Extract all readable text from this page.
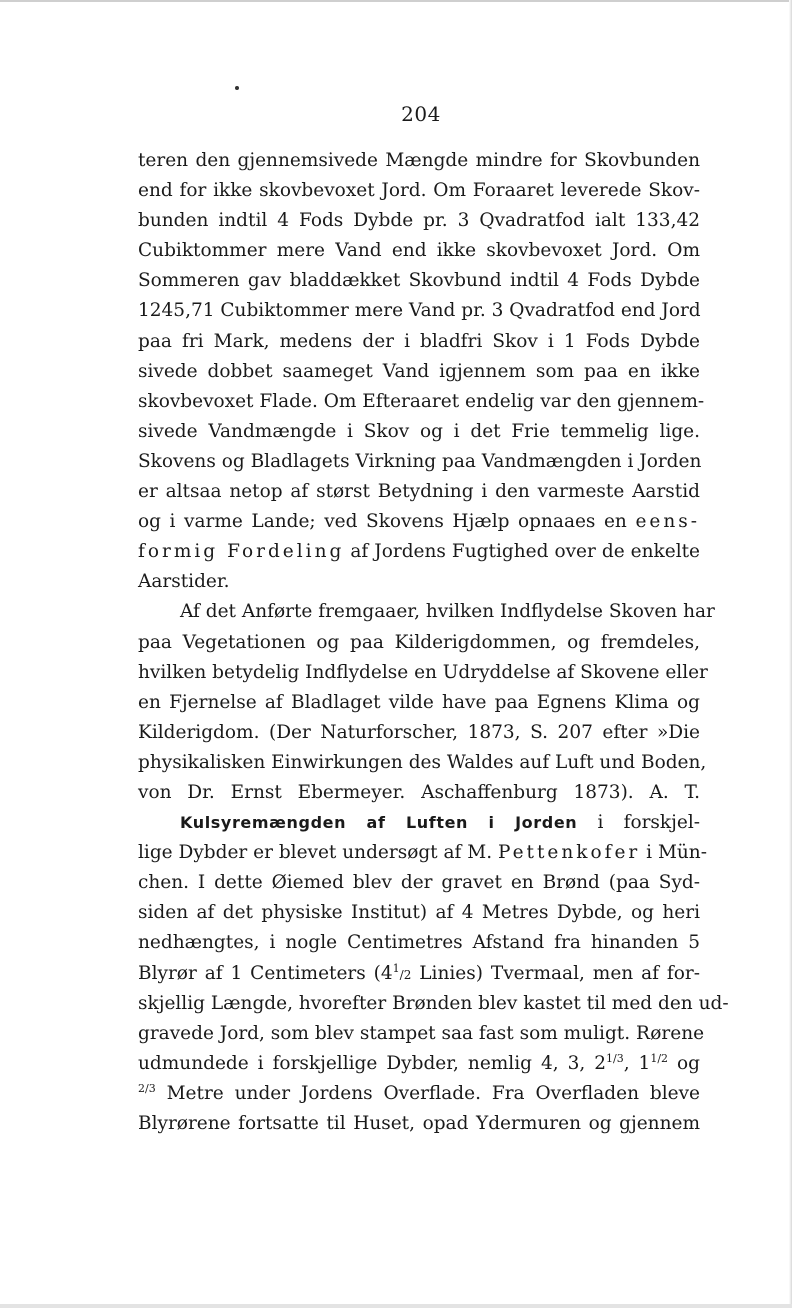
204
teren den gjennemsivede Mængde mindre for Skovbunden
end for ikke skovbevoxet Jord. Om Foraaret leverede Skov-
bunden indtil 4 Fods Dybde pr. 3 Qvadratfod ialt 133,42
Cubiktommer mere Vand end ikke skovbevoxet Jord. Om
Sommeren gav bladdækket Skovbund indtil 4 Fods Dybde
1245,71 Cubiktommer mere Vand pr. 3 Qvadratfod end Jord
paa fri Mark, medens der i bladfri Skov i 1 Fods Dybde
sivede dobbet saameget Vand igjennem som paa en ikke
skovbevoxet Flade. Om Efteraaret endelig var den gjennem-
sivede Vandmængde i Skov og i det Frie temmelig lige.
Skovens og Bladlagets Virkning paa Vandmængden i Jorden
er altsaa netop af størst Betydning i den varmeste Aarstid
og i varme Lande; ved Skovens Hjælp opnaaes en eens-
formig Fordeling af Jordens Fugtighed over de enkelte
Aarstider.
Af det Anførte fremgaaer, hvilken Indflydelse Skoven har
paa Vegetationen og paa Kilderigdommen, og fremdeles,
hvilken betydelig Indflydelse en Udryddelse af Skovene eller
en Fjernelse af Bladlaget vilde have paa Egnens Klima og
Kilderigdom. (Der Naturforscher, 1873, S. 207 efter »Die
physikalisken Einwirkungen des Waldes auf Luft und Boden,
von Dr. Ernst Ebermeyer. Aschaffenburg 1873). A. T.
Kulsyremængden af Luften i Jorden i forskjel-
lige Dybder er blevet undersøgt af M. Pettenkofer i Mün-
chen. I dette Øiemed blev der gravet en Brønd (paa Syd-
siden af det physiske Institut) af 4 Metres Dybde, og heri
nedhængtes, i nogle Centimetres Afstand fra hinanden 5
Blyrør af 1 Centimeters ($4^1/2$ Linies) Tvermaal, men af for-
skjellig Længde, hvorefter Brønden blev kastet til med den ud-
gravede Jord, som blev stampet saa fast som muligt. Rørene
udmundede i forskjellige Dybder, nemlig 4, 3, $2^{1/3}$, $1^{1/2}$ og
$^{2/3}$ Metre under Jordens Overflade. Fra Overfladen bleve
Blyrørene fortsatte til Huset, opad Ydermuren og gjennem
